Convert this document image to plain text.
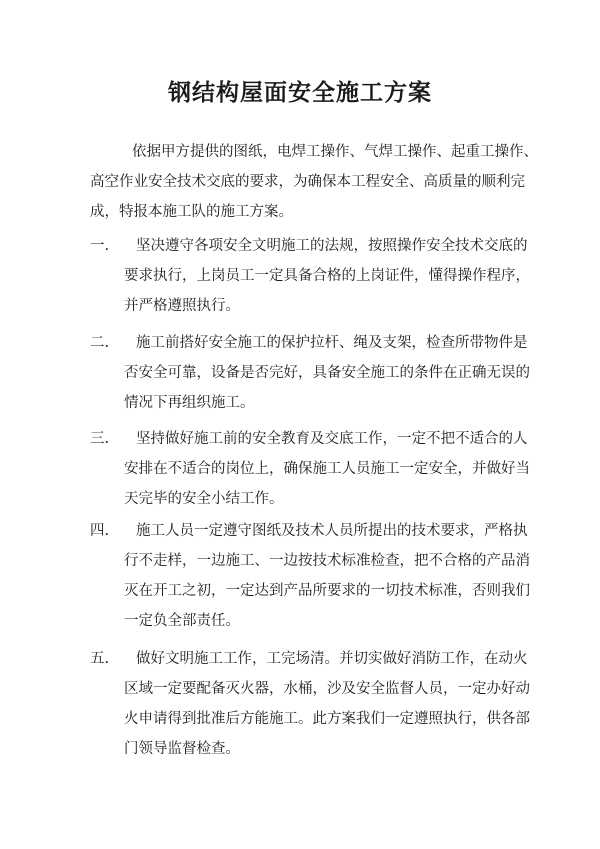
钢结构屋面安全施工方案
依据甲方提供的图纸，电焊工操作、气焊工操作、起重工操作、
高空作业安全技术交底的要求，为确保本工程安全、高质量的顺利完
成，特报本施工队的施工方案。
一.	坚决遵守各项安全文明施工的法规，按照操作安全技术交底的
要求执行，上岗员工一定具备合格的上岗证件，懂得操作程序，
并严格遵照执行。
二.	施工前搭好安全施工的保护拉杆、绳及支架，检查所带物件是
否安全可靠，设备是否完好，具备安全施工的条件在正确无误的
情况下再组织施工。
三.	坚持做好施工前的安全教育及交底工作，一定不把不适合的人
安排在不适合的岗位上，确保施工人员施工一定安全，并做好当
天完毕的安全小结工作。
四.	施工人员一定遵守图纸及技术人员所提出的技术要求，严格执
行不走样，一边施工、一边按技术标准检查，把不合格的产品消
灭在开工之初，一定达到产品所要求的一切技术标准，否则我们
一定负全部责任。
五.	做好文明施工工作，工完场清。并切实做好消防工作，在动火
区域一定要配备灭火器，水桶，沙及安全监督人员，一定办好动
火申请得到批准后方能施工。此方案我们一定遵照执行，供各部
门领导监督检查。
